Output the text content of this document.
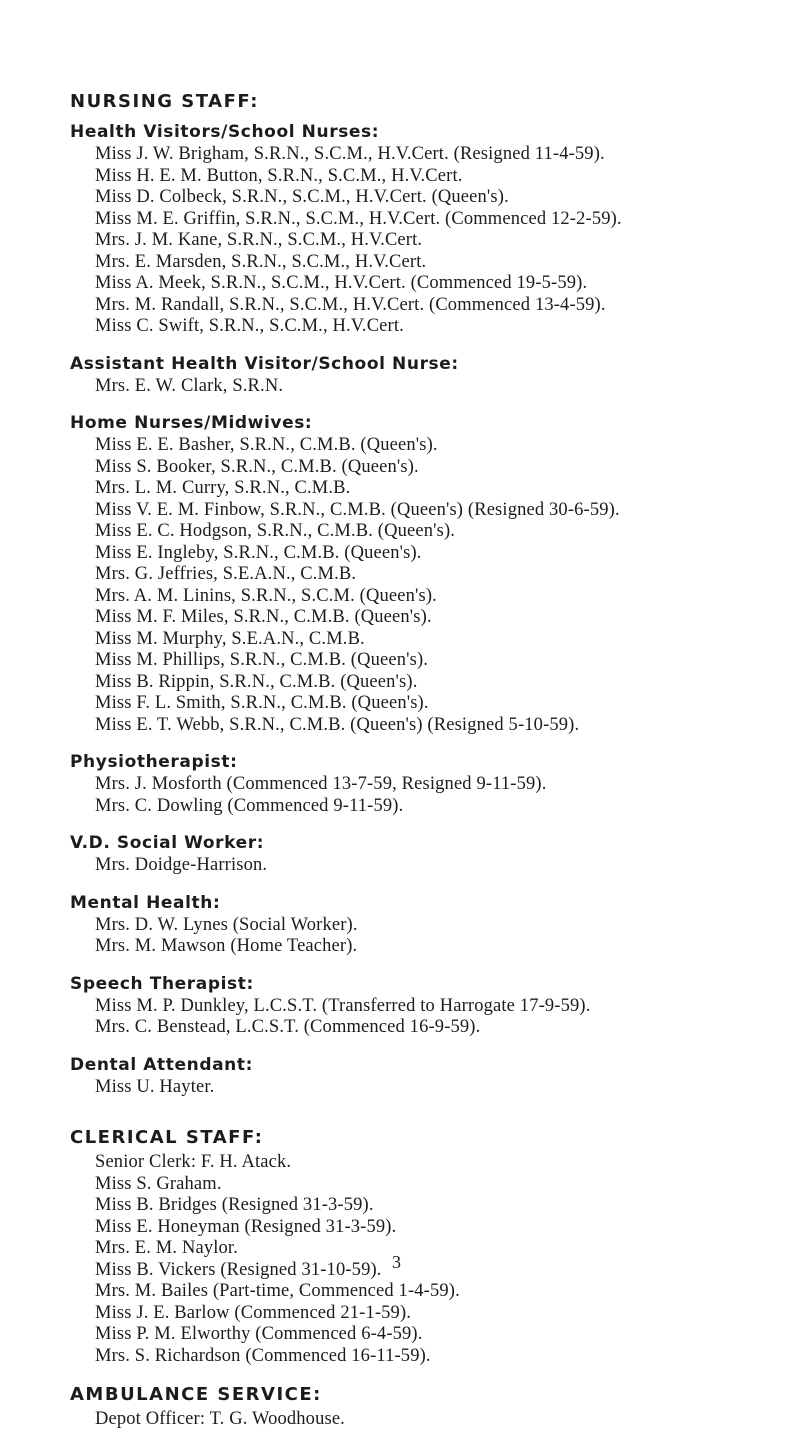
NURSING STAFF:
Health Visitors/School Nurses:

Miss J. W. Brigham, S.R.N., S.C.M., H.V.Cert. (Resigned 11-4-59).

Miss H. E. M. Button, S.R.N., S.C.M., H.V.Cert.

Miss D. Colbeck, S.R.N., S.C.M., H.V.Cert. (Queen's).

Miss M. E. Griffin, S.R.N., S.C.M., H.V.Cert. (Commenced 12-2-59).

Mrs. J. M. Kane, S.R.N., S.C.M., H.V.Cert.

Mrs. E. Marsden, S.R.N., S.C.M., H.V.Cert.

Miss A. Meek, S.R.N., S.C.M., H.V.Cert. (Commenced 19-5-59).

Mrs. M. Randall, S.R.N., S.C.M., H.V.Cert. (Commenced 13-4-59).

Miss C. Swift, S.R.N., S.C.M., H.V.Cert.

Assistant Health Visitor/School Nurse:

Mrs. E. W. Clark, S.R.N.

Home Nurses/Midwives:

Miss E. E. Basher, S.R.N., C.M.B. (Queen's).

Miss S. Booker, S.R.N., C.M.B. (Queen's).

Mrs. L. M. Curry, S.R.N., C.M.B.

Miss V. E. M. Finbow, S.R.N., C.M.B. (Queen's) (Resigned 30-6-59).

Miss E. C. Hodgson, S.R.N., C.M.B. (Queen's).

Miss E. Ingleby, S.R.N., C.M.B. (Queen's).

Mrs. G. Jeffries, S.E.A.N., C.M.B.

Mrs. A. M. Linins, S.R.N., S.C.M. (Queen's).

Miss M. F. Miles, S.R.N., C.M.B. (Queen's).

Miss M. Murphy, S.E.A.N., C.M.B.

Miss M. Phillips, S.R.N., C.M.B. (Queen's).

Miss B. Rippin, S.R.N., C.M.B. (Queen's).

Miss F. L. Smith, S.R.N., C.M.B. (Queen's).

Miss E. T. Webb, S.R.N., C.M.B. (Queen's) (Resigned 5-10-59).

Physiotherapist:

Mrs. J. Mosforth (Commenced 13-7-59, Resigned 9-11-59).

Mrs. C. Dowling (Commenced 9-11-59).

V.D. Social Worker:

Mrs. Doidge-Harrison.

Mental Health:

Mrs. D. W. Lynes (Social Worker).

Mrs. M. Mawson (Home Teacher).

Speech Therapist:

Miss M. P. Dunkley, L.C.S.T. (Transferred to Harrogate 17-9-59).

Mrs. C. Benstead, L.C.S.T. (Commenced 16-9-59).

Dental Attendant:

Miss U. Hayter.

CLERICAL STAFF:

Senior Clerk: F. H. Atack.

Miss S. Graham.

Miss B. Bridges (Resigned 31-3-59).

Miss E. Honeyman (Resigned 31-3-59).

Mrs. E. M. Naylor.

Miss B. Vickers (Resigned 31-10-59).

Mrs. M. Bailes (Part-time, Commenced 1-4-59).

Miss J. E. Barlow (Commenced 21-1-59).

Miss P. M. Elworthy (Commenced 6-4-59).

Mrs. S. Richardson (Commenced 16-11-59).

AMBULANCE SERVICE:

Depot Officer: T. G. Woodhouse.

3
